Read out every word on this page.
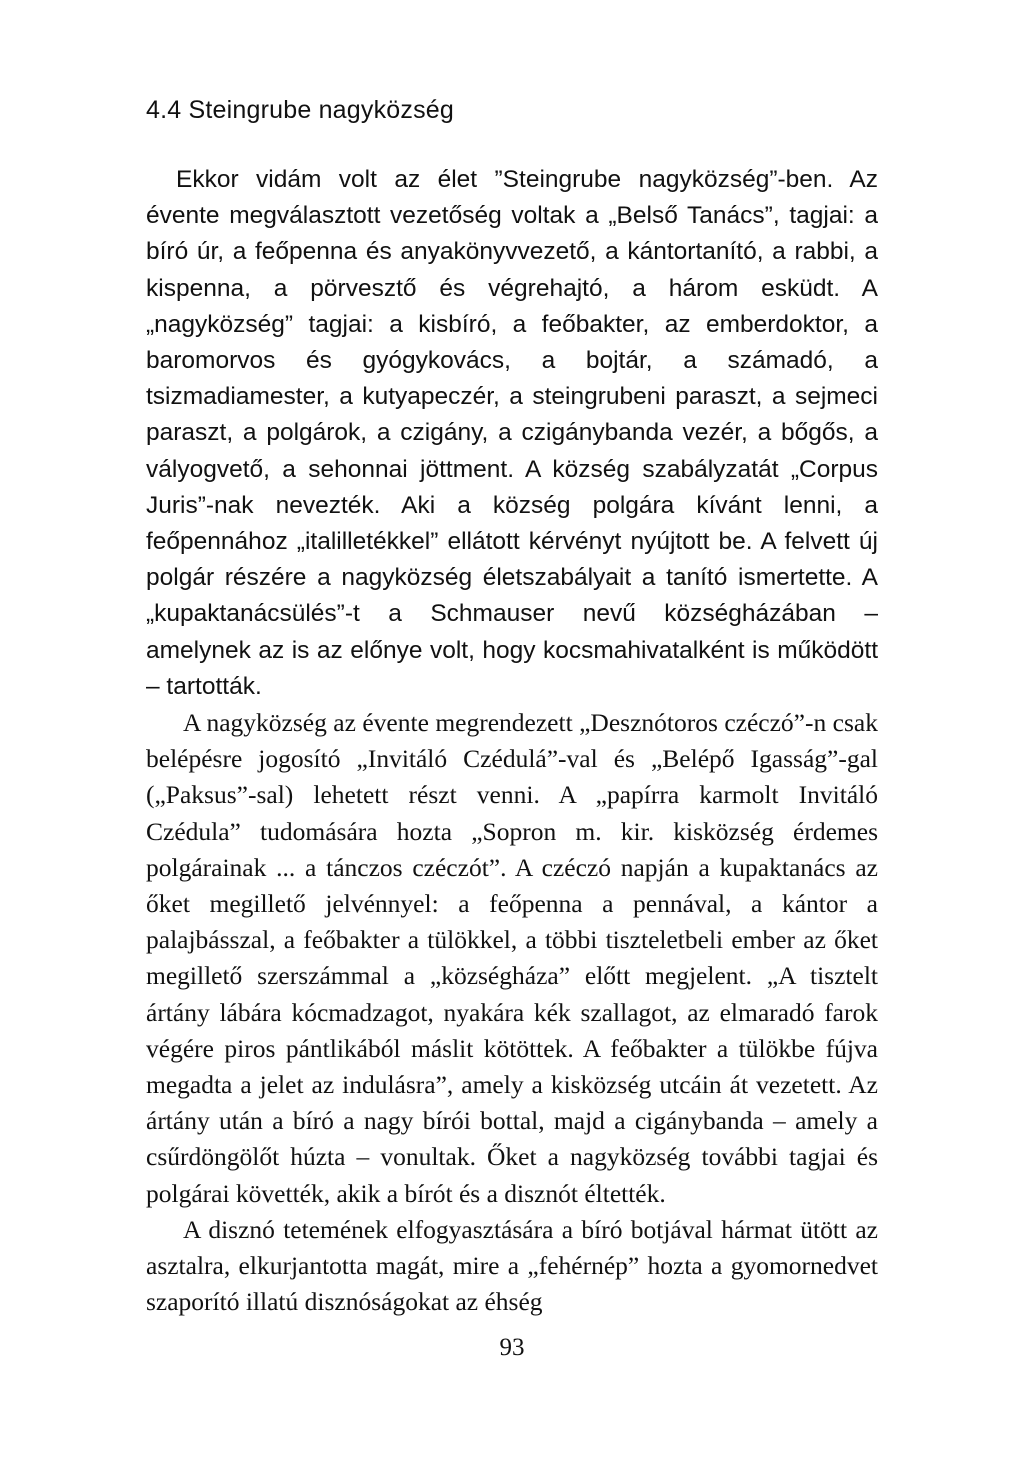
4.4 Steingrube nagyközség

Ekkor vidám volt az élet ”Steingrube nagyközség”-ben. Az évente megválasztott vezetőség voltak a „Belső Tanács”, tagjai: a bíró úr, a feőpenna és anyakönyvvezető, a kántortanító, a rabbi, a kispenna, a pörvesztő és végrehajtó, a három esküdt. A „nagyközség” tagjai: a kisbíró, a feőbakter, az emberdoktor, a baromorvos és gyógykovács, a bojtár, a számadó, a tsizmadiamester, a kutyapeczér, a steingrubeni paraszt, a sejmeci paraszt, a polgárok, a czigány, a czigánybanda vezér, a bőgős, a vályogvető, a sehonnai jöttment. A község szabályzatát „Corpus Juris”-nak nevezték. Aki a község polgára kívánt lenni, a feőpennához „italilletékkel” ellátott kérvényt nyújtott be. A felvett új polgár részére a nagyközség életszabályait a tanító ismertette. A „kupaktanácsülés”-t a Schmauser nevű községházában – amelynek az is az előnye volt, hogy kocsmahivatalként is működött – tartották.

A nagyközség az évente megrendezett „Desznótoros czéczó”-n csak belépésre jogosító „Invitáló Czédulá”-val és „Belépő Igasság”-gal („Paksus”-sal) lehetett részt venni. A „papírra karmolt Invitáló Czédula” tudomására hozta „Sopron m. kir. kisközség érdemes polgárainak ... a tánczos czéczót”. A czéczó napján a kupaktanács az őket megillető jelvénnyel: a feőpenna a pennával, a kántor a palajbásszal, a feőbakter a tülökkel, a többi tiszteletbeli ember az őket megillető szerszámmal a „községháza” előtt megjelent. „A tisztelt ártány lábára kócmadzagot, nyakára kék szallagot, az elmaradó farok végére piros pántlikából máslit kötöttek. A feőbakter a tülökbe fújva megadta a jelet az indulásra”, amely a kisközség utcáin át vezetett. Az ártány után a bíró a nagy bírói bottal, majd a cigánybanda – amely a csűrdöngölőt húzta – vonultak. Őket a nagyközség további tagjai és polgárai követték, akik a bírót és a disznót éltették.

A disznó tetemének elfogyasztására a bíró botjával hármat ütött az asztalra, elkurjantotta magát, mire a „fehérnép” hozta a gyomornedvet szaporító illatú disznóságokat az éhség

93
